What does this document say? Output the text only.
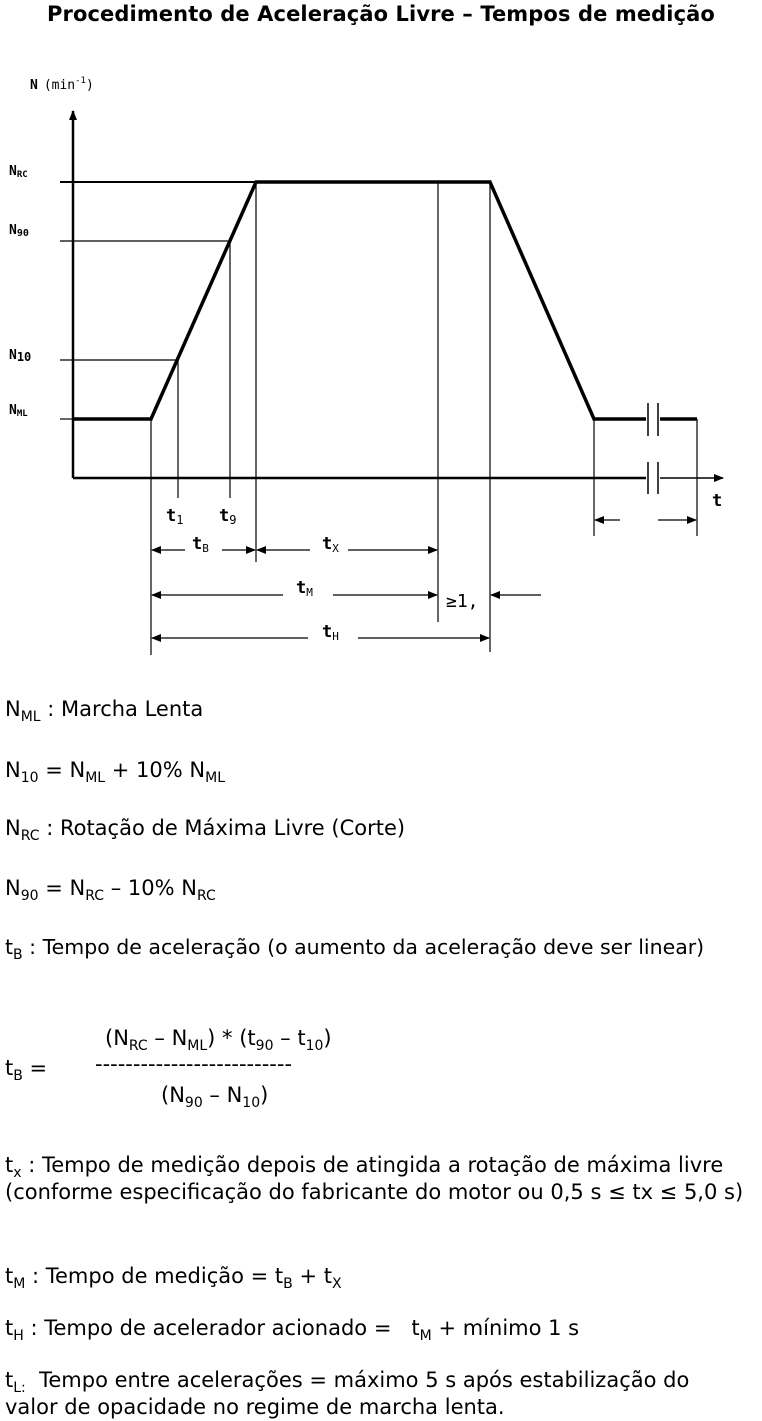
Procedimento de Aceleração Livre – Tempos de medição
N $(\min^{-1})$
NRC
N90
N10
NML
t
t1 t9
tB	tX
tM
tH
≥1,
$N_{ML}$ : Marcha Lenta
$N_{10} = N_{ML} + 10\%$ $N_{ML}$
$N_{RC}$ : Rotação de Máxima Livre (Corte)
$N_{90} = N_{RC} - 10\%$ $N_{RC}$
$t_B$ : Tempo de aceleração (o aumento da aceleração deve ser linear)
$(N_{RC} - N_{ML}) * (t_{90} - t_{10})$
$t_B$ = --------------------------
$(N_{90} - N_{10})$
$t_x$ : Tempo de medição depois de atingida a rotação de máxima livre (conforme especificação do fabricante do motor ou 0,5 s ≤ tx ≤ 5,0 s)
$t_M$ : Tempo de medição = $t_B + t_X$
$t_H$ : Tempo de acelerador acionado =   $t_M$ + mínimo 1 s
$t_{L:}$  Tempo entre acelerações = máximo 5 s após estabilização do valor de opacidade no regime de marcha lenta.
